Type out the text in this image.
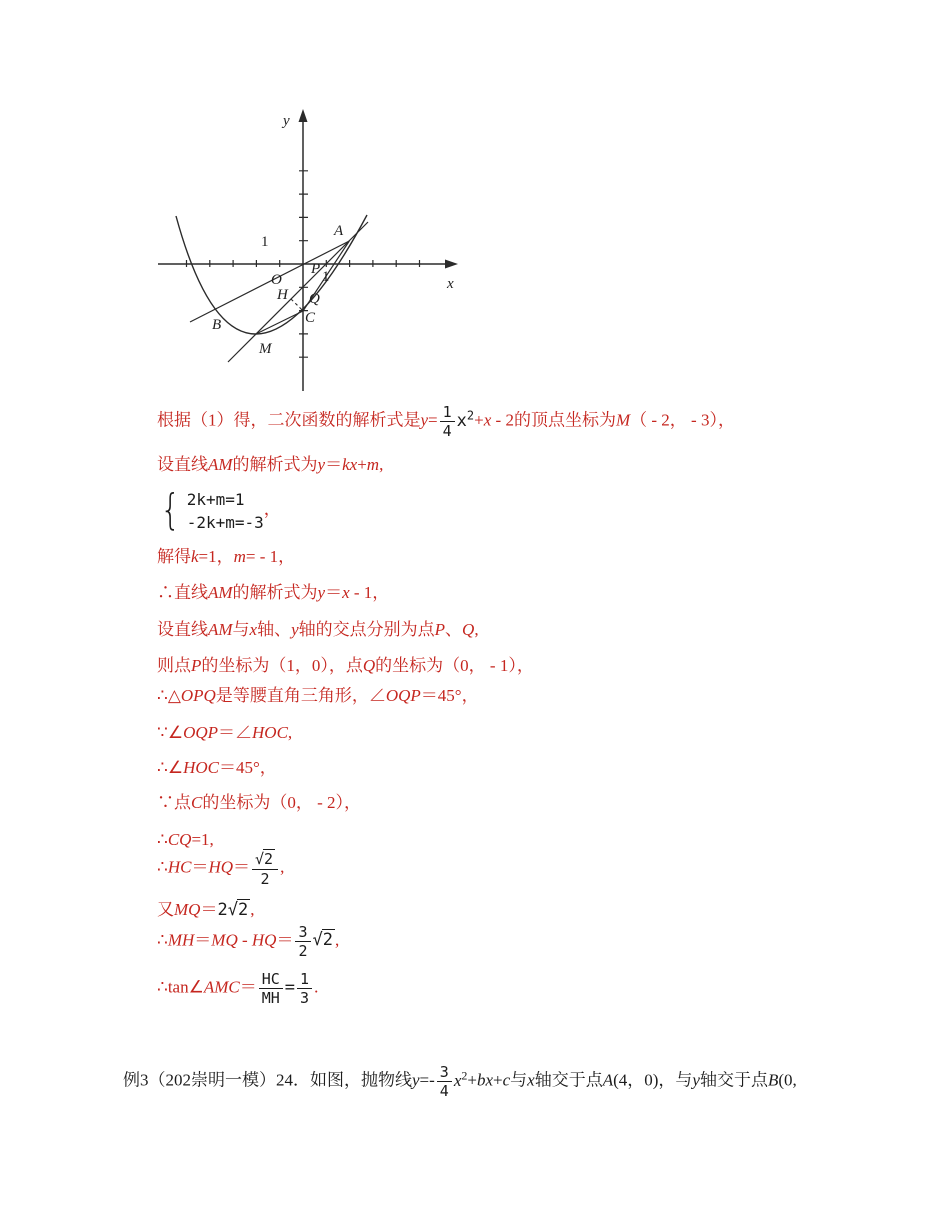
y
x
A
B	C
M
O
H
P
Q
1
1
根据（1）得，二次函数的解析式是$y= \frac{1}{4} x^2+x - 2$的顶点坐标为M（ - 2， - 3），
设直线AM的解析式为y＝kx+m,
{ 2k+m=1
-2k+m=-3
，
解得k=1，m= - 1，
∴直线AM的解析式为y＝x - 1，
设直线AM与x轴、y轴的交点分别为点P、Q,
则点P的坐标为（1，0），点Q的坐标为（0， - 1），
∴△OPQ是等腰直角三角形，∠OQP＝45°，
∵∠OQP＝∠HOC,
∴∠HOC＝45°，
∵点C的坐标为（0， - 2），
∴CQ=1,
∴HC＝HQ＝ $\frac{√2}{2}$ ,
又MQ＝2√2 ,
∴MH＝MQ - $HQ= \frac{3}{2} √2$ ,
∴tan∠AMC＝ $\frac{HC}{MH} = \frac{1}{3}$ .
例3（202崇明一模）24．如图，抛物线$y=- \frac{3}{4} x^2+bx+c$与x轴交于点A(4，0)，与y轴交于点B(0,
